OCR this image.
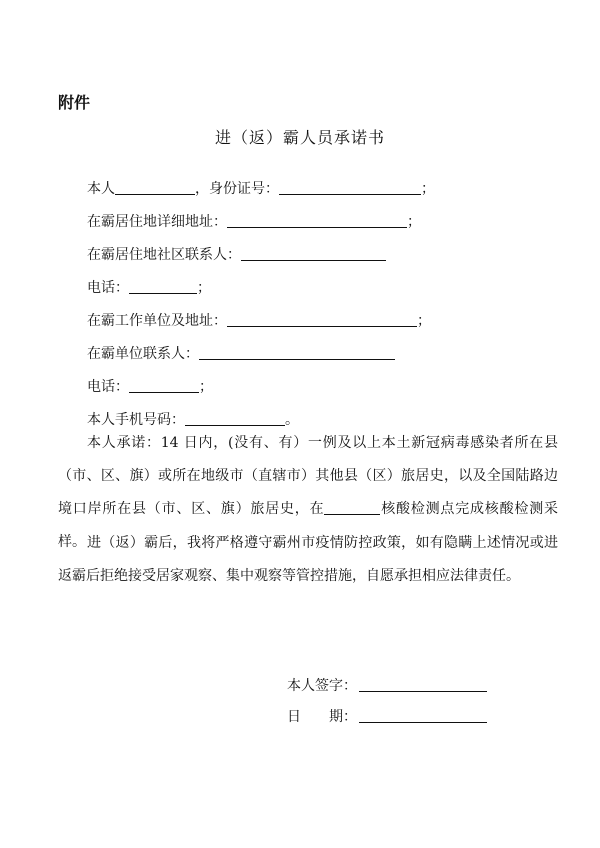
附件
进（返）霸人员承诺书
本人	，身份证号：	；
在霸居住地详细地址：	；
在霸居住地社区联系人：
电话：	；
在霸工作单位及地址：	；
在霸单位联系人：
电话：	；
本人手机号码：	。

本人承诺：14 日内，(没有、有）一例及以上本土新冠病毒感染者所在县（市、区、旗）或所在地级市（直辖市）其他县（区）旅居史，以及全国陆路边境口岸所在县（市、区、旗）旅居史，在	核酸检测点完成核酸检测采样。 进（返）霸后，我将严格遵守霸州市疫情防控政策，如有隐瞒上述情况或进返霸后拒绝接受居家观察、集中观察等管控措施，自愿承担相应法律责任。

本人签字：
日　　期：
